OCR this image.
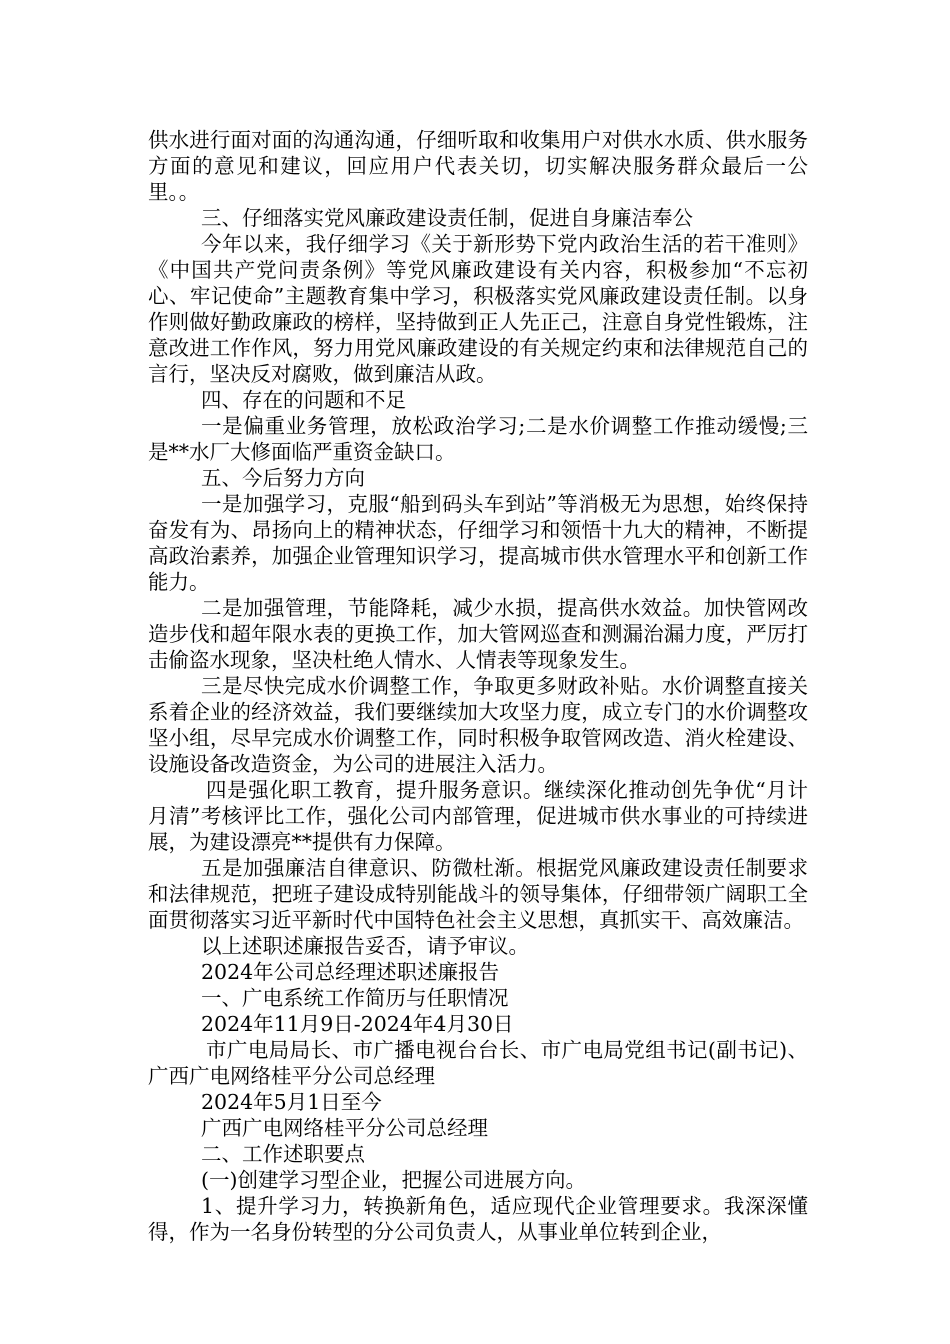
供水进行面对面的沟通沟通，仔细听取和收集用户对供水水质、供水服务方面的意见和建议，回应用户代表关切，切实解决服务群众最后一公里。。

三、仔细落实党风廉政建设责任制，促进自身廉洁奉公

今年以来，我仔细学习《关于新形势下党内政治生活的若干准则》《中国共产党问责条例》等党风廉政建设有关内容，积极参加“不忘初心、牢记使命”主题教育集中学习，积极落实党风廉政建设责任制。以身作则做好勤政廉政的榜样，坚持做到正人先正己，注意自身党性锻炼，注意改进工作作风，努力用党风廉政建设的有关规定约束和法律规范自己的言行，坚决反对腐败，做到廉洁从政。

四、存在的问题和不足

一是偏重业务管理，放松政治学习;二是水价调整工作推动缓慢;三是**水厂大修面临严重资金缺口。

五、今后努力方向

一是加强学习，克服“船到码头车到站”等消极无为思想，始终保持奋发有为、昂扬向上的精神状态，仔细学习和领悟十九大的精神，不断提高政治素养，加强企业管理知识学习，提高城市供水管理水平和创新工作能力。

二是加强管理，节能降耗，减少水损，提高供水效益。加快管网改造步伐和超年限水表的更换工作，加大管网巡查和测漏治漏力度，严厉打击偷盗水现象，坚决杜绝人情水、人情表等现象发生。

三是尽快完成水价调整工作，争取更多财政补贴。水价调整直接关系着企业的经济效益，我们要继续加大攻坚力度，成立专门的水价调整攻坚小组，尽早完成水价调整工作，同时积极争取管网改造、消火栓建设、设施设备改造资金，为公司的进展注入活力。

四是强化职工教育，提升服务意识。继续深化推动创先争优“月计月清”考核评比工作，强化公司内部管理，促进城市供水事业的可持续进展，为建设漂亮**提供有力保障。

五是加强廉洁自律意识、防微杜渐。根据党风廉政建设责任制要求和法律规范，把班子建设成特别能战斗的领导集体，仔细带领广阔职工全面贯彻落实习近平新时代中国特色社会主义思想，真抓实干、高效廉洁。

以上述职述廉报告妥否，请予审议。

2024年公司总经理述职述廉报告

一、广电系统工作简历与任职情况

2024年11月9日-2024年4月30日

市广电局局长、市广播电视台台长、市广电局党组书记(副书记)、广西广电网络桂平分公司总经理

2024年5月1日至今

广西广电网络桂平分公司总经理

二、工作述职要点

(一)创建学习型企业，把握公司进展方向。

1、提升学习力，转换新角色，适应现代企业管理要求。我深深懂得，作为一名身份转型的分公司负责人，从事业单位转到企业，
